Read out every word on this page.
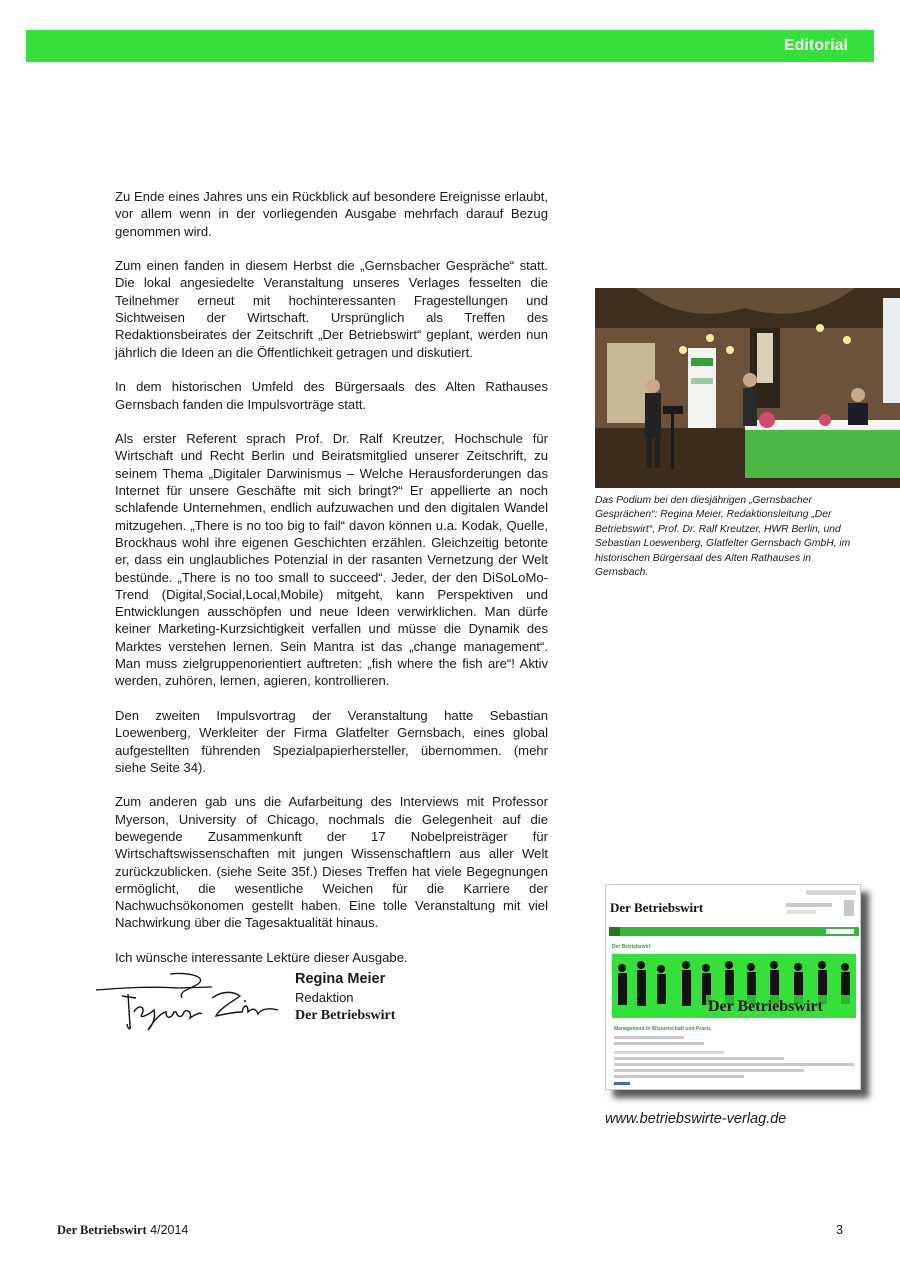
Editorial

Zu Ende eines Jahres uns ein Rückblick auf besondere Ereignisse erlaubt, vor allem wenn in der vorliegenden Ausgabe mehrfach darauf Bezug genommen wird.

Zum einen fanden in diesem Herbst die „Gernsbacher Gespräche“ statt. Die lokal angesiedelte Veranstaltung unseres Verlages fesselten die Teilnehmer erneut mit hochinteressanten Fragestellungen und Sichtweisen der Wirtschaft. Ursprünglich als Treffen des Redaktionsbeirates der Zeitschrift „Der Betriebswirt“ geplant, werden nun jährlich die Ideen an die Öffentlichkeit getragen und diskutiert.

In dem historischen Umfeld des Bürgersaals des Alten Rathauses Gernsbach fanden die Impulsvorträge statt.

Als erster Referent sprach Prof. Dr. Ralf Kreutzer, Hochschule für Wirtschaft und Recht Berlin und Beiratsmitglied unserer Zeitschrift, zu seinem Thema „Digitaler Darwinismus – Welche Herausforderungen das Internet für unsere Geschäfte mit sich bringt?“ Er appellierte an noch schlafende Unternehmen, endlich aufzuwachen und den digitalen Wandel mitzugehen. „There is no too big to fail“ davon können u.a. Kodak, Quelle, Brockhaus wohl ihre eigenen Geschichten erzählen. Gleichzeitig betonte er, dass ein unglaubliches Potenzial in der rasanten Vernetzung der Welt bestünde. „There is no too small to succeed“. Jeder, der den DiSoLoMo-Trend (Digital,Social,Local,Mobile) mitgeht, kann Perspektiven und Entwicklungen ausschöpfen und neue Ideen verwirklichen. Man dürfe keiner Marketing-Kurzsichtigkeit verfallen und müsse die Dynamik des Marktes verstehen lernen. Sein Mantra ist das „change management“. Man muss zielgruppenorientiert auftreten: „fish where the fish are“! Aktiv werden, zuhören, lernen, agieren, kontrollieren.

Den zweiten Impulsvortrag der Veranstaltung hatte Sebastian Loewenberg, Werkleiter der Firma Glatfelter Gernsbach, eines global aufgestellten führenden Spezialpapierhersteller, übernommen. (mehr siehe Seite 34).

Zum anderen gab uns die Aufarbeitung des Interviews mit Professor Myerson, University of Chicago, nochmals die Gelegenheit auf die bewegende Zusammenkunft der 17 Nobelpreisträger für Wirtschaftswissenschaften mit jungen Wissenschaftlern aus aller Welt zurückzublicken. (siehe Seite 35f.) Dieses Treffen hat viele Begegnungen ermöglicht, die wesentliche Weichen für die Karriere der Nachwuchsökonomen gestellt haben. Eine tolle Veranstaltung mit viel Nachwirkung über die Tagesaktualität hinaus.

Ich wünsche interessante Lektüre dieser Ausgabe.

Regina Meier
Redaktion
Der Betriebswirt
Das Podium bei den diesjährigen „Gernsbacher Gesprächen“: Regina Meier, Redaktionsleitung „Der Betriebswirt“, Prof. Dr. Ralf Kreutzer, HWR Berlin, und Sebastian Loewenberg, Glatfelter Gernsbach GmbH, im historischen Bürgersaal des Alten Rathauses in Gernsbach.
Der Betriebswirt
Der Betriebswirt
Der Betriebswirt
Management in Wissenschaft und Praxis
www.betriebswirte-verlag.de
Der Betriebswirt 4/2014	3
